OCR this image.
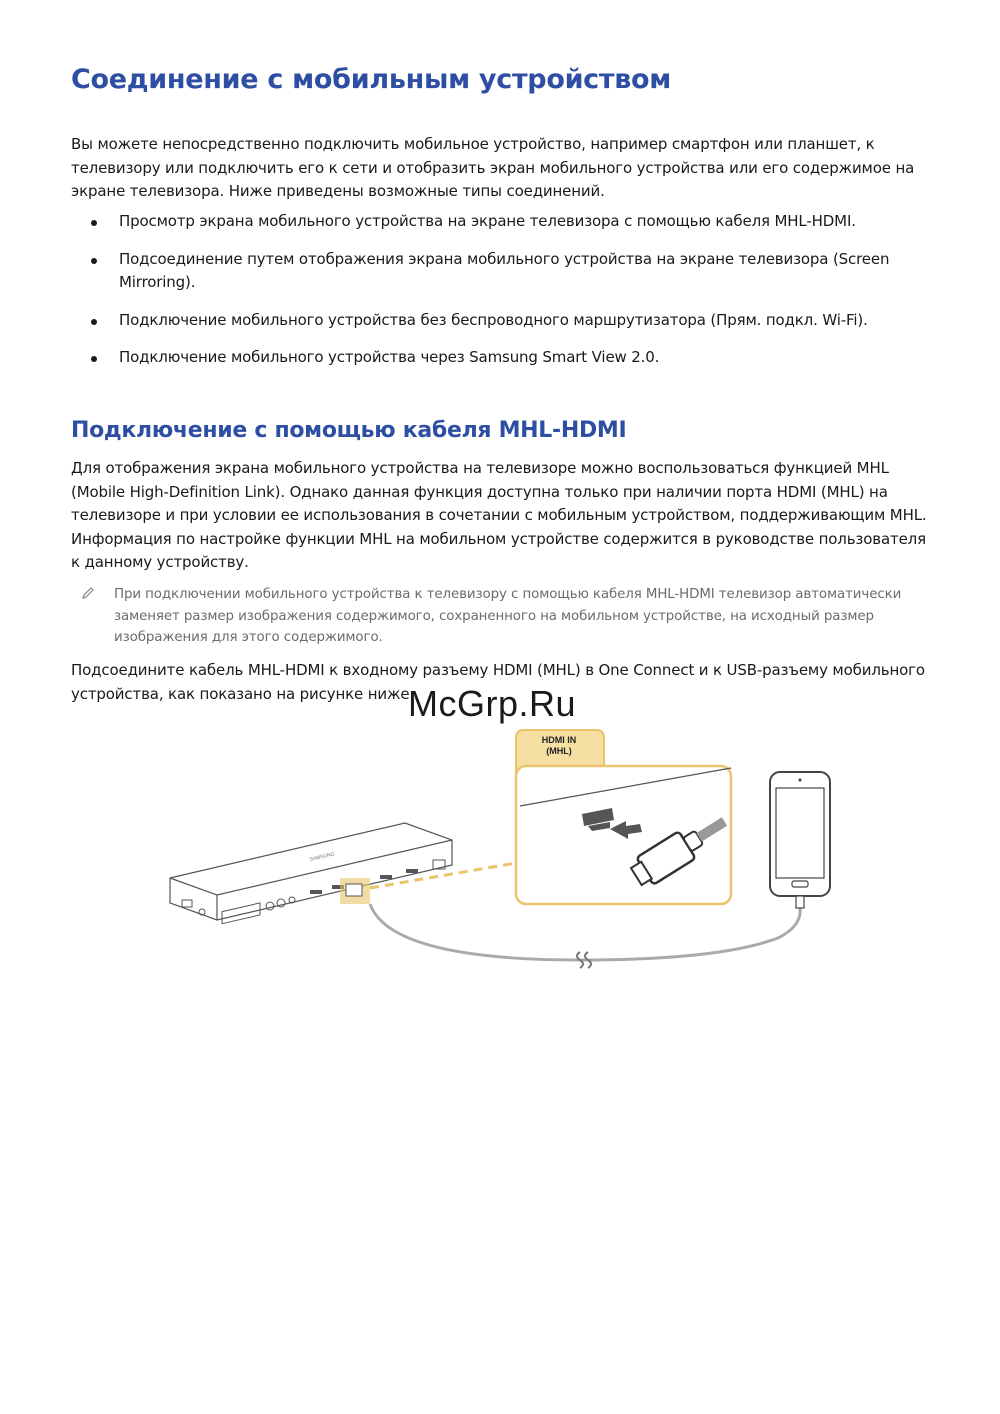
Соединение с мобильным устройством

Вы можете непосредственно подключить мобильное устройство, например смартфон или планшет, к телевизору или подключить его к сети и отобразить экран мобильного устройства или его содержимое на экране телевизора. Ниже приведены возможные типы соединений.

Просмотр экрана мобильного устройства на экране телевизора с помощью кабеля MHL-HDMI.
Подсоединение путем отображения экрана мобильного устройства на экране телевизора (Screen Mirroring).
Подключение мобильного устройства без беспроводного маршрутизатора (Прям. подкл. Wi-Fi).
Подключение мобильного устройства через Samsung Smart View 2.0.
Подключение с помощью кабеля MHL-HDMI

Для отображения экрана мобильного устройства на телевизоре можно воспользоваться функцией MHL (Mobile High-Definition Link). Однако данная функция доступна только при наличии порта HDMI (MHL) на телевизоре и при условии ее использования в сочетании с мобильным устройством, поддерживающим MHL. Информация по настройке функции MHL на мобильном устройстве содержится в руководстве пользователя к данному устройству.

При подключении мобильного устройства к телевизору с помощью кабеля MHL-HDMI телевизор автоматически заменяет размер изображения содержимого, сохраненного на мобильном устройстве, на исходный размер изображения для этого содержимого.

Подсоедините кабель MHL-HDMI к входному разъему HDMI (MHL) в One Connect и к USB-разъему мобильного устройства, как показано на рисунке ниже.

SAMSUNG
HDMI IN
(MHL)

McGrp.Ru
